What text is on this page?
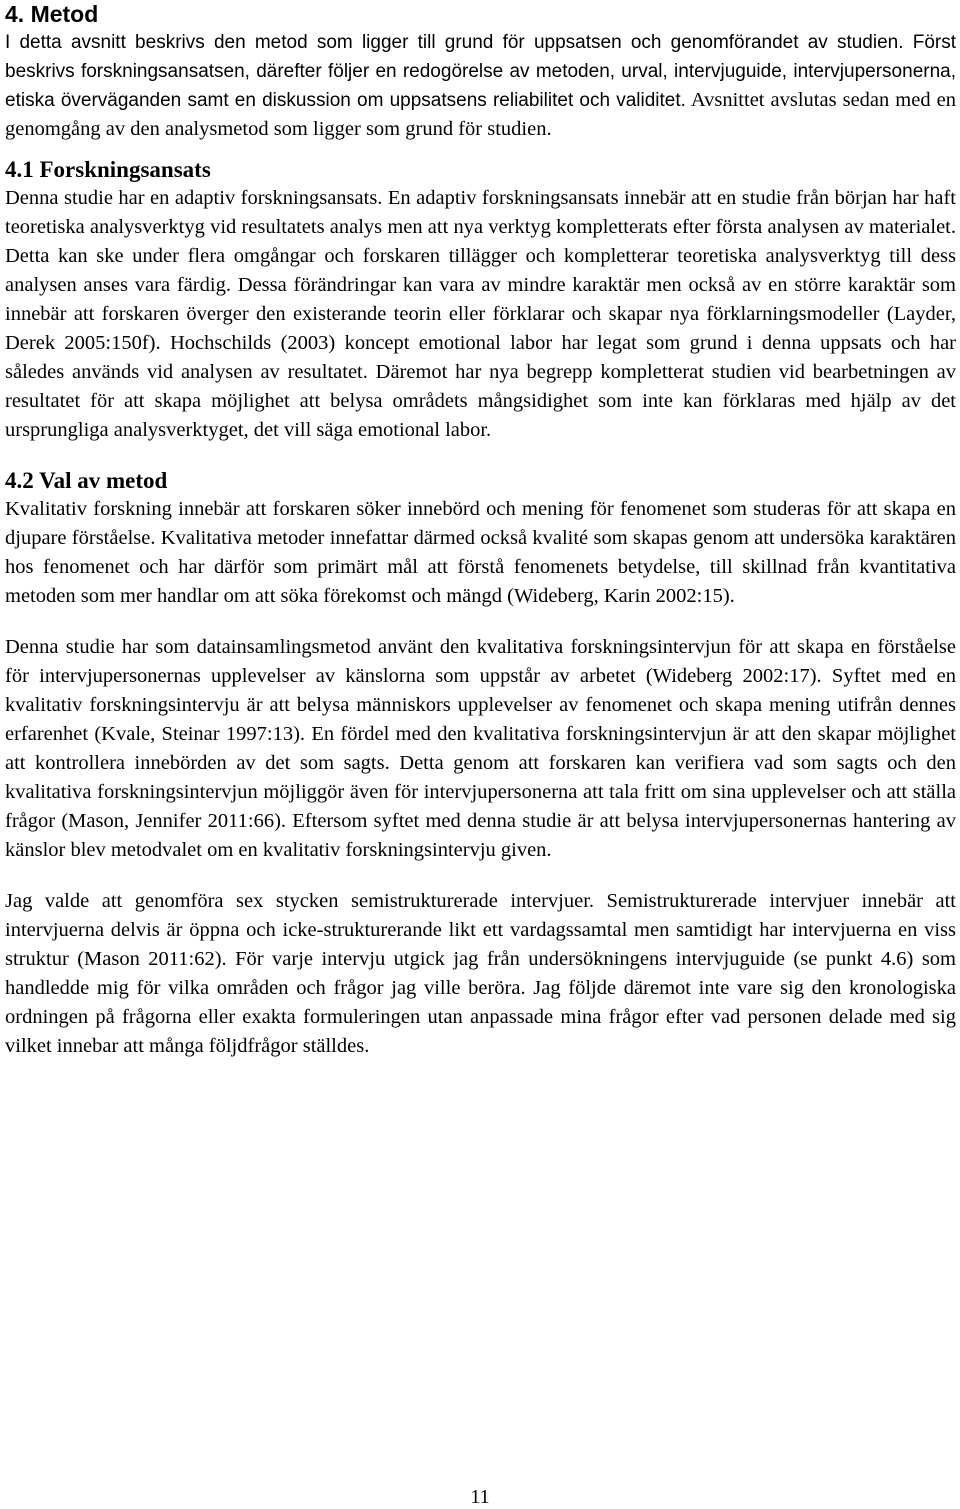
4. Metod

I detta avsnitt beskrivs den metod som ligger till grund för uppsatsen och genomförandet av studien. Först beskrivs forskningsansatsen, därefter följer en redogörelse av metoden, urval, intervjuguide, intervjupersonerna, etiska överväganden samt en diskussion om uppsatsens reliabilitet och validitet. Avsnittet avslutas sedan med en genomgång av den analysmetod som ligger som grund för studien.

4.1 Forskningsansats

Denna studie har en adaptiv forskningsansats. En adaptiv forskningsansats innebär att en studie från början har haft teoretiska analysverktyg vid resultatets analys men att nya verktyg kompletterats efter första analysen av materialet. Detta kan ske under flera omgångar och forskaren tillägger och kompletterar teoretiska analysverktyg till dess analysen anses vara färdig. Dessa förändringar kan vara av mindre karaktär men också av en större karaktär som innebär att forskaren överger den existerande teorin eller förklarar och skapar nya förklarningsmodeller (Layder, Derek 2005:150f). Hochschilds (2003) koncept emotional labor har legat som grund i denna uppsats och har således används vid analysen av resultatet. Däremot har nya begrepp kompletterat studien vid bearbetningen av resultatet för att skapa möjlighet att belysa områdets mångsidighet som inte kan förklaras med hjälp av det ursprungliga analysverktyget, det vill säga emotional labor.

4.2 Val av metod

Kvalitativ forskning innebär att forskaren söker innebörd och mening för fenomenet som studeras för att skapa en djupare förståelse. Kvalitativa metoder innefattar därmed också kvalité som skapas genom att undersöka karaktären hos fenomenet och har därför som primärt mål att förstå fenomenets betydelse, till skillnad från kvantitativa metoden som mer handlar om att söka förekomst och mängd (Wideberg, Karin 2002:15).

Denna studie har som datainsamlingsmetod använt den kvalitativa forskningsintervjun för att skapa en förståelse för intervjupersonernas upplevelser av känslorna som uppstår av arbetet (Wideberg 2002:17). Syftet med en kvalitativ forskningsintervju är att belysa människors upplevelser av fenomenet och skapa mening utifrån dennes erfarenhet (Kvale, Steinar 1997:13). En fördel med den kvalitativa forskningsintervjun är att den skapar möjlighet att kontrollera innebörden av det som sagts. Detta genom att forskaren kan verifiera vad som sagts och den kvalitativa forskningsintervjun möjliggör även för intervjupersonerna att tala fritt om sina upplevelser och att ställa frågor (Mason, Jennifer 2011:66). Eftersom syftet med denna studie är att belysa intervjupersonernas hantering av känslor blev metodvalet om en kvalitativ forskningsintervju given.

Jag valde att genomföra sex stycken semistrukturerade intervjuer. Semistrukturerade intervjuer innebär att intervjuerna delvis är öppna och icke-strukturerande likt ett vardagssamtal men samtidigt har intervjuerna en viss struktur (Mason 2011:62). För varje intervju utgick jag från undersökningens intervjuguide (se punkt 4.6) som handledde mig för vilka områden och frågor jag ville beröra. Jag följde däremot inte vare sig den kronologiska ordningen på frågorna eller exakta formuleringen utan anpassade mina frågor efter vad personen delade med sig vilket innebar att många följdfrågor ställdes.

11
